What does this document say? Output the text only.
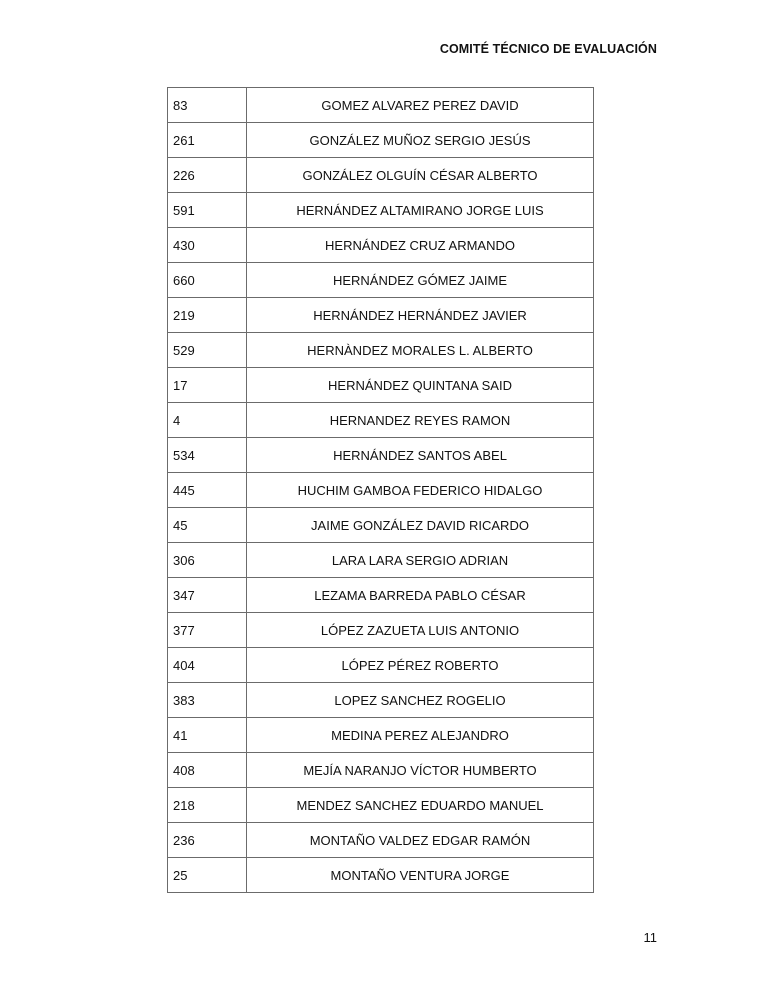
COMITÉ TÉCNICO DE EVALUACIÓN
83	GOMEZ ALVAREZ PEREZ DAVID
261	GONZÁLEZ MUÑOZ SERGIO JESÚS
226	GONZÁLEZ OLGUÍN CÉSAR ALBERTO
591	HERNÁNDEZ ALTAMIRANO JORGE LUIS
430	HERNÁNDEZ CRUZ ARMANDO
660	HERNÁNDEZ GÓMEZ JAIME
219	HERNÁNDEZ HERNÁNDEZ JAVIER
529	HERNÀNDEZ MORALES L. ALBERTO
17	HERNÁNDEZ QUINTANA SAID
4	HERNANDEZ REYES RAMON
534	HERNÁNDEZ SANTOS ABEL
445	HUCHIM GAMBOA FEDERICO HIDALGO
45	JAIME GONZÁLEZ DAVID RICARDO
306	LARA LARA SERGIO ADRIAN
347	LEZAMA BARREDA PABLO CÉSAR
377	LÓPEZ ZAZUETA LUIS ANTONIO
404	LÓPEZ PÉREZ ROBERTO
383	LOPEZ SANCHEZ ROGELIO
41	MEDINA PEREZ ALEJANDRO
408	MEJÍA NARANJO VÍCTOR HUMBERTO
218	MENDEZ SANCHEZ EDUARDO MANUEL
236	MONTAÑO VALDEZ EDGAR RAMÓN
25	MONTAÑO VENTURA JORGE
11
